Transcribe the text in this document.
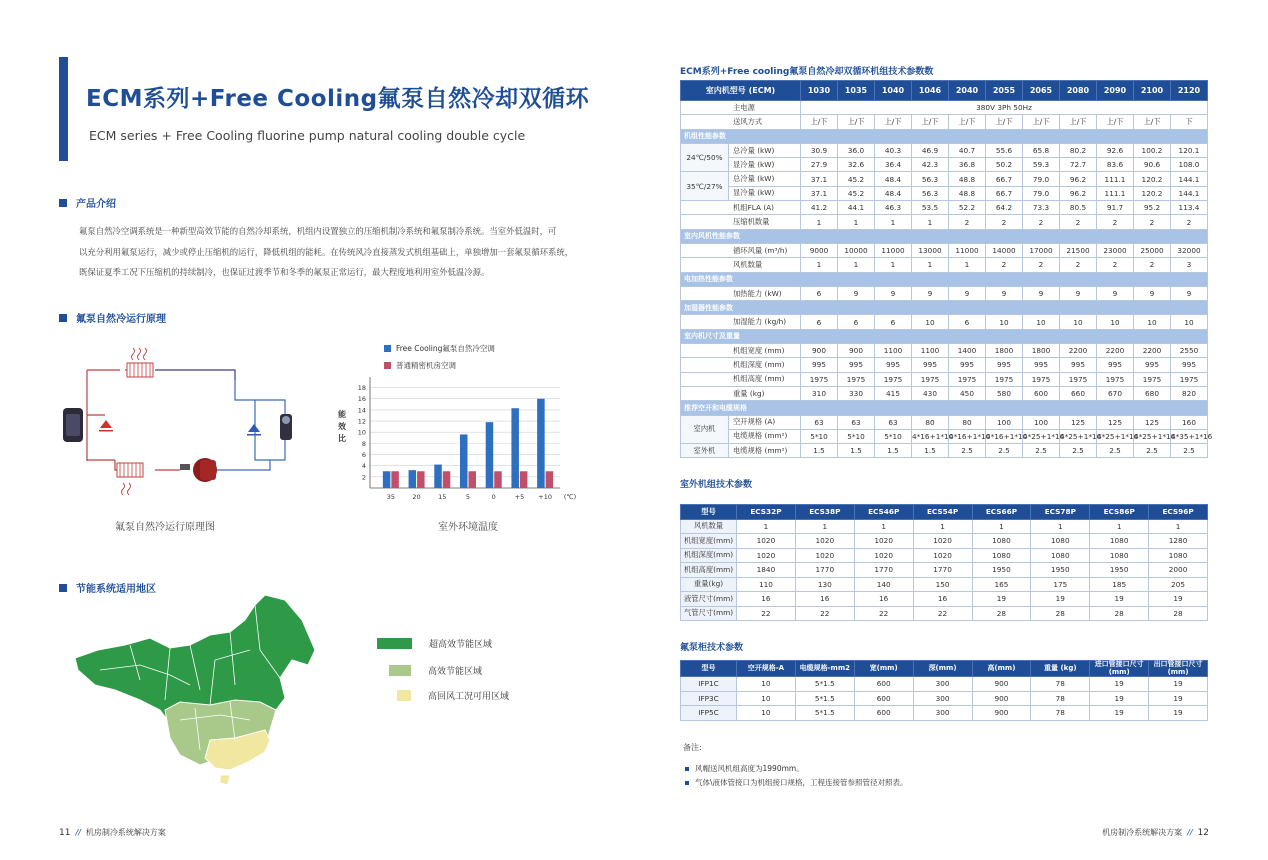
ECM系列+Free Cooling氟泵自然冷却双循环
ECM series + Free Cooling fluorine pump natural cooling double cycle
产品介绍
氟泵自然冷空调系统是一种新型高效节能的自然冷却系统，机组内设置独立的压缩机制冷系统和氟泵制冷系统。当室外低温时，可
以充分利用氟泵运行，减少或停止压缩机的运行，降低机组的能耗。在传统风冷直接蒸发式机组基础上，单独增加一套氟泵循环系统，
既保证夏季工况下压缩机的持续制冷，也保证过渡季节和冬季的氟泵正常运行，最大程度地利用室外低温冷源。
氟泵自然冷运行原理
氟泵自然冷运行原理图
Free Cooling氟泵自然冷空调
普通精密机房空调
2
4
6
8
10
12
14
16
18
能
效
比
35	20	15	5	0	+5 +10 (℃)
室外环境温度
节能系统适用地区
超高效节能区域
高效节能区域
高回风工况可用区域
11 // 机房制冷系统解决方案
ECM系列+Free cooling氟泵自然冷却双循环机组技术参数数
室内机型号 (ECM)		1030	1035	1040	1046	2040	2055	2065	2080	2090	2100	2120
主电源		380V 3Ph 50Hz										
送风方式		上/下	上/下	上/下	上/下	上/下	上/下	上/下	上/下	上/下	上/下	下
机组性能参数												
24℃/50%	总冷量 (kW)	30.9	36.0	40.3	46.9	40.7	55.6	65.8	80.2	92.6	100.2	120.1
	显冷量 (kW)	27.9	32.6	36.4	42.3	36.8	50.2	59.3	72.7	83.6	90.6	108.0
35℃/27%	总冷量 (kW)	37.1	45.2	48.4	56.3	48.8	66.7	79.0	96.2	111.1	120.2	144.1
	显冷量 (kW)	37.1	45.2	48.4	56.3	48.8	66.7	79.0	96.2	111.1	120.2	144.1
机组FLA (A)		41.2	44.1	46.3	53.5	52.2	64.2	73.3	80.5	91.7	95.2	113.4
压缩机数量		1	1	1	1	2	2	2	2	2	2	2
室内风机性能参数												
循环风量 (m³/h)		9000	10000	11000	13000	11000	14000	17000	21500	23000	25000	32000
风机数量		1	1	1	1	1	2	2	2	2	2	3
电加热性能参数												
加热能力 (kW)		6	9	9	9	9	9	9	9	9	9	9
加湿器性能参数												
加湿能力 (kg/h)		6	6	6	10	6	10	10	10	10	10	10
室内机尺寸及重量												
机组宽度 (mm)		900	900	1100	1100	1400	1800	1800	2200	2200	2200	2550
机组深度 (mm)		995	995	995	995	995	995	995	995	995	995	995
机组高度 (mm)		1975	1975	1975	1975	1975	1975	1975	1975	1975	1975	1975
重量 (kg)		310	330	415	430	450	580	600	660	670	680	820
推荐空开和电缆规格												
室内机	空开规格 (A)	63	63	63	80	80	100	100	125	125	125	160
	电缆规格 (mm²)	5*10	5*10	5*10	4*16+1*10	4*16+1*10	4*16+1*10	4*25+1*16	4*25+1*16	4*25+1*16	4*25+1*16	4*35+1*16
室外机	电缆规格 (mm²)	1.5	1.5	1.5	1.5	2.5	2.5	2.5	2.5	2.5	2.5	2.5
室外机组技术参数
型号	ECS32P	ECS38P	ECS46P	ECS54P	ECS66P	ECS78P	ECS86P	ECS96P
风机数量	1	1	1	1	1	1	1	1
机组宽度(mm)	1020	1020	1020	1020	1080	1080	1080	1280
机组深度(mm)	1020	1020	1020	1020	1080	1080	1080	1080
机组高度(mm)	1840	1770	1770	1770	1950	1950	1950	2000
重量(kg)	110	130	140	150	165	175	185	205
液管尺寸(mm)	16	16	16	16	19	19	19	19
气管尺寸(mm)	22	22	22	22	28	28	28	28
氟泵柜技术参数
型号	空开规格-A	电缆规格-mm2	宽(mm)	深(mm)	高(mm)	重量 (kg)	进口管接口尺寸(mm)	出口管接口尺寸(mm)
IFP1C	10	5*1.5	600	300	900	78	19	19
IFP3C	10	5*1.5	600	300	900	78	19	19
IFP5C	10	5*1.5	600	300	900	78	19	19
备注:
风帽送风机组高度为1990mm。
气体\液体管接口为机组接口规格，工程连接管参照管径对照表。
机房制冷系统解决方案 // 12
